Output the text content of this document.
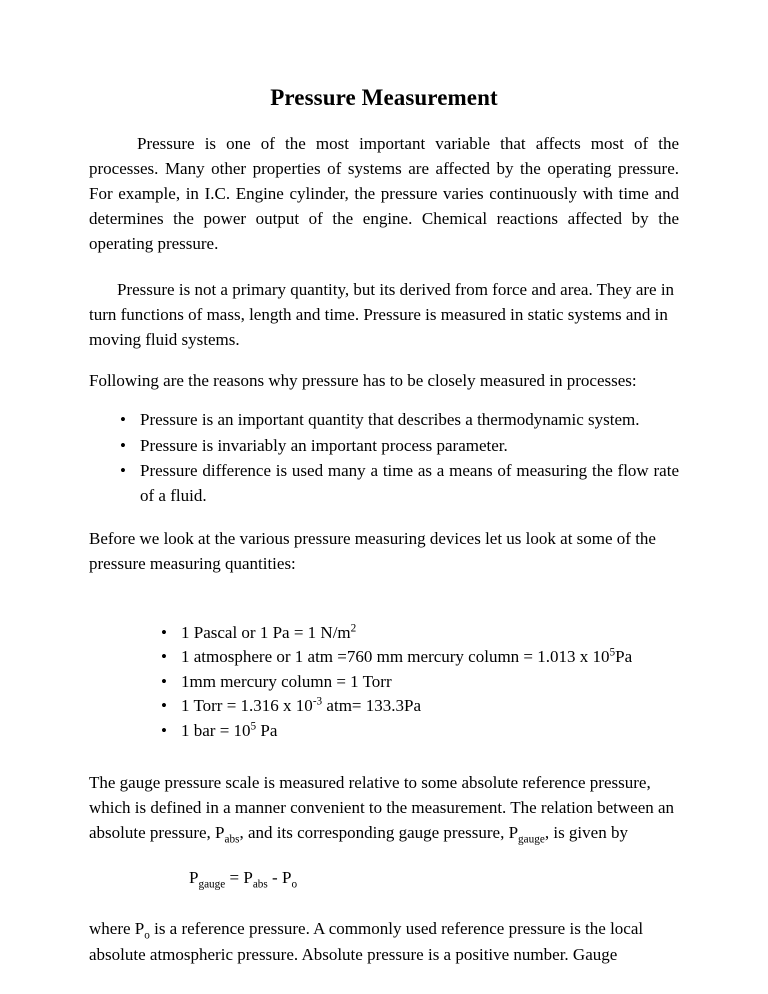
Pressure Measurement

Pressure is one of the most important variable that affects most of the processes. Many other properties of systems are affected by the operating pressure. For example, in I.C. Engine cylinder, the pressure varies continuously with time and determines the power output of the engine. Chemical reactions affected by the operating pressure.

Pressure is not a primary quantity, but its derived from force and area. They are in turn functions of mass, length and time. Pressure is measured in static systems and in moving fluid systems.

Following are the reasons why pressure has to be closely measured in processes:

• Pressure is an important quantity that describes a thermodynamic system.
• Pressure is invariably an important process parameter.
• Pressure difference is used many a time as a means of measuring the flow rate of a fluid.

Before we look at the various pressure measuring devices let us look at some of the pressure measuring quantities:

• 1 Pascal or 1 Pa = 1 $N/m^2$
• 1 atmosphere or 1 atm =760 mm mercury column = 1.013 x $10^5Pa$
• 1mm mercury column = 1 Torr
• 1 Torr = 1.316 x $10^{-3}$ atm= 133.3Pa
• 1 bar = $10^5$ Pa

The gauge pressure scale is measured relative to some absolute reference pressure, which is defined in a manner convenient to the measurement. The relation between an absolute pressure, $P_{abs}$, and its corresponding gauge pressure, $P_{gauge}$, is given by

$P_{gauge} = P_{abs} - P_o$

where $P_o$ is a reference pressure. A commonly used reference pressure is the local absolute atmospheric pressure. Absolute pressure is a positive number. Gauge
